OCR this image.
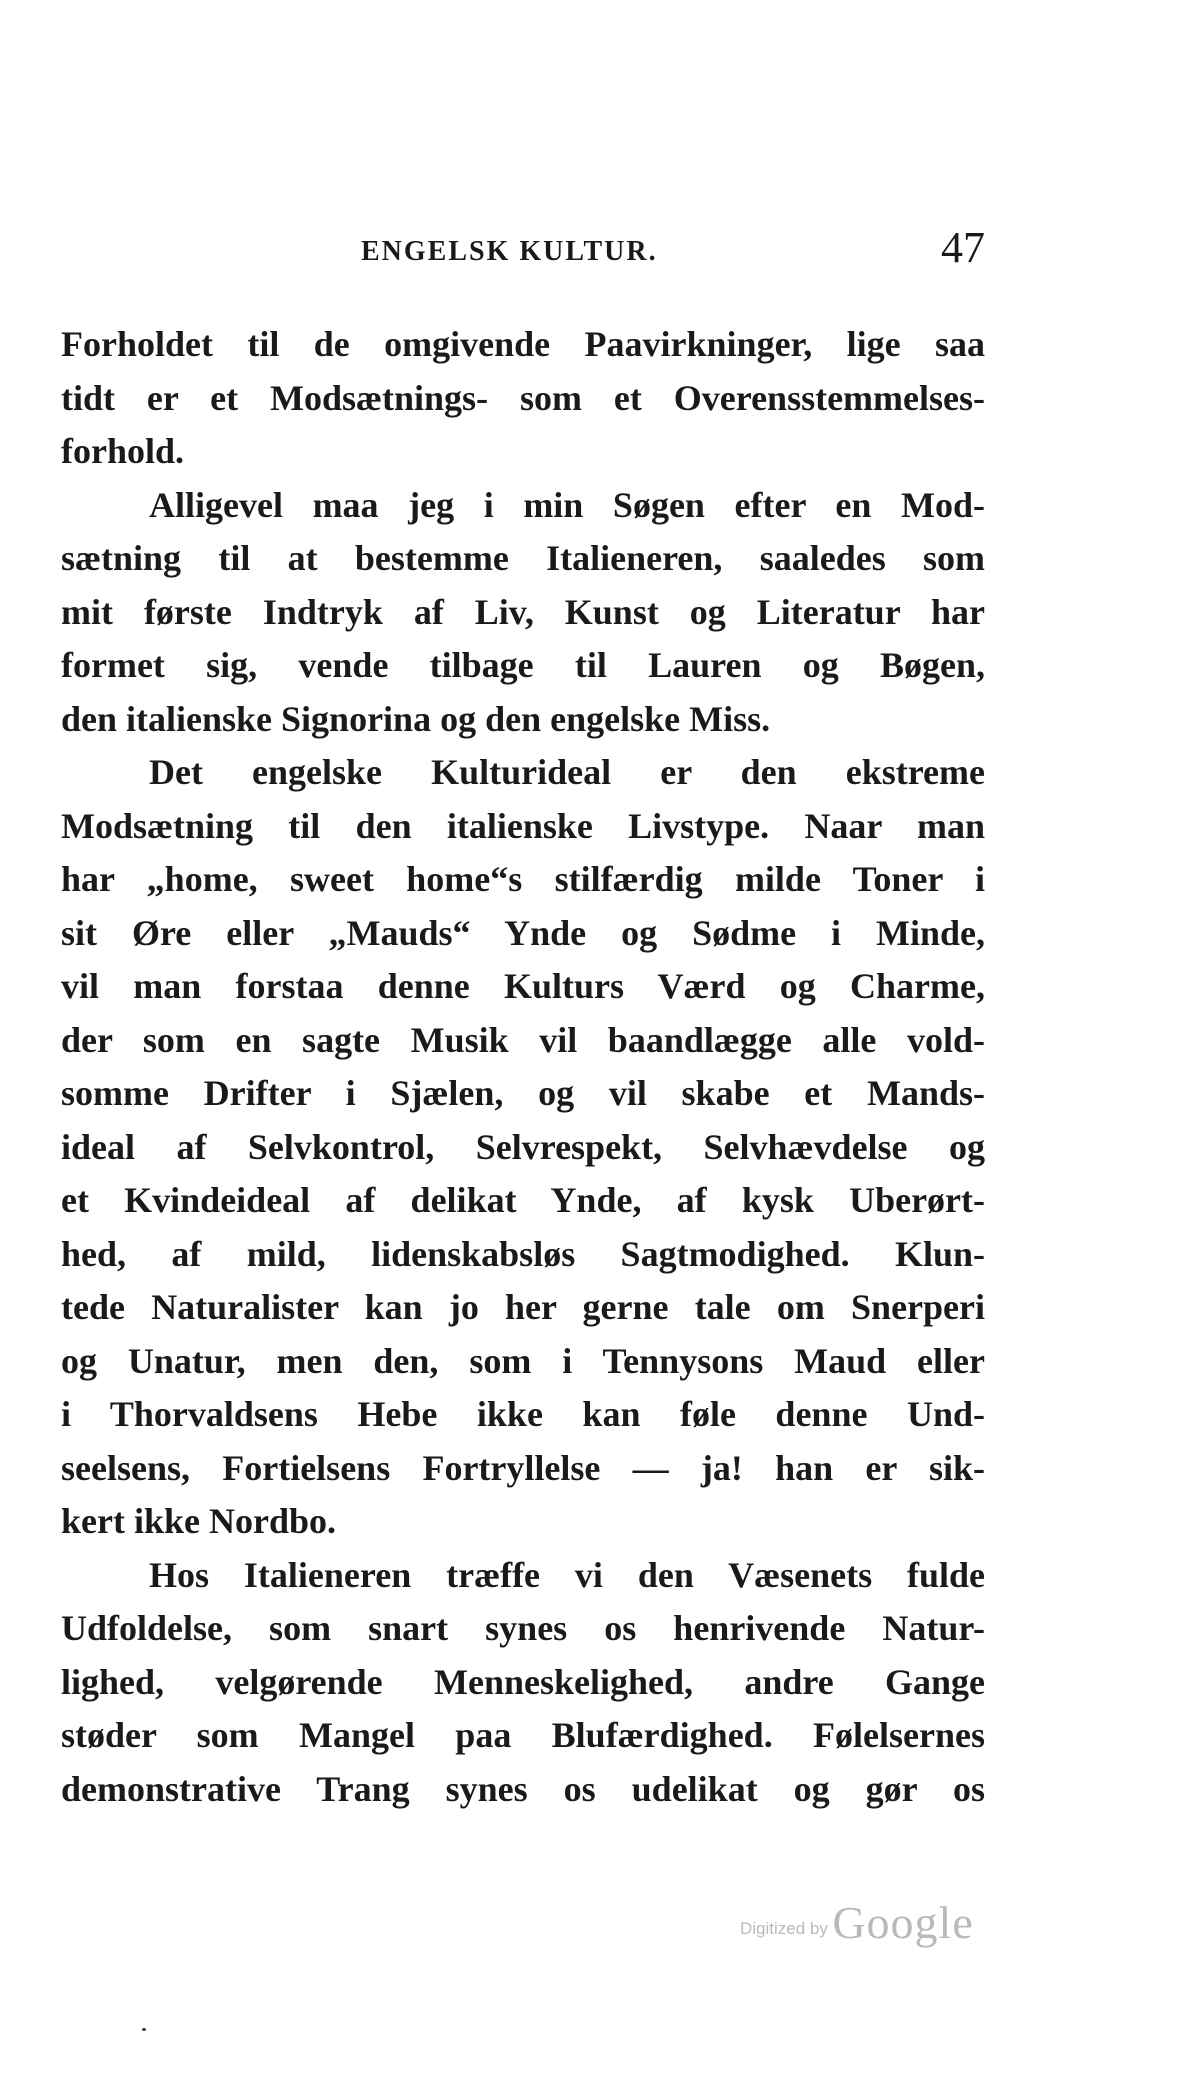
ENGELSK KULTUR.	47
Forholdet til de omgivende Paavirkninger, lige saa
tidt er et Modsætnings- som et Overensstemmelses-
forhold.
Alligevel maa jeg i min Søgen efter en Mod-
sætning til at bestemme Italieneren, saaledes som
mit første Indtryk af Liv, Kunst og Literatur har
formet sig, vende tilbage til Lauren og Bøgen,
den italienske Signorina og den engelske Miss.
Det engelske Kulturideal er den ekstreme
Modsætning til den italienske Livstype. Naar man
har „home, sweet home“s stilfærdig milde Toner i
sit Øre eller „Mauds“ Ynde og Sødme i Minde,
vil man forstaa denne Kulturs Værd og Charme,
der som en sagte Musik vil baandlægge alle vold-
somme Drifter i Sjælen, og vil skabe et Mands-
ideal af Selvkontrol, Selvrespekt, Selvhævdelse og
et Kvindeideal af delikat Ynde, af kysk Uberørt-
hed, af mild, lidenskabsløs Sagtmodighed. Klun-
tede Naturalister kan jo her gerne tale om Snerperi
og Unatur, men den, som i Tennysons Maud eller
i Thorvaldsens Hebe ikke kan føle denne Und-
seelsens, Fortielsens Fortryllelse — ja! han er sik-
kert ikke Nordbo.
Hos Italieneren træffe vi den Væsenets fulde
Udfoldelse, som snart synes os henrivende Natur-
lighed, velgørende Menneskelighed, andre Gange
støder som Mangel paa Blufærdighed. Følelsernes
demonstrative Trang synes os udelikat og gør os
Digitized by Google
